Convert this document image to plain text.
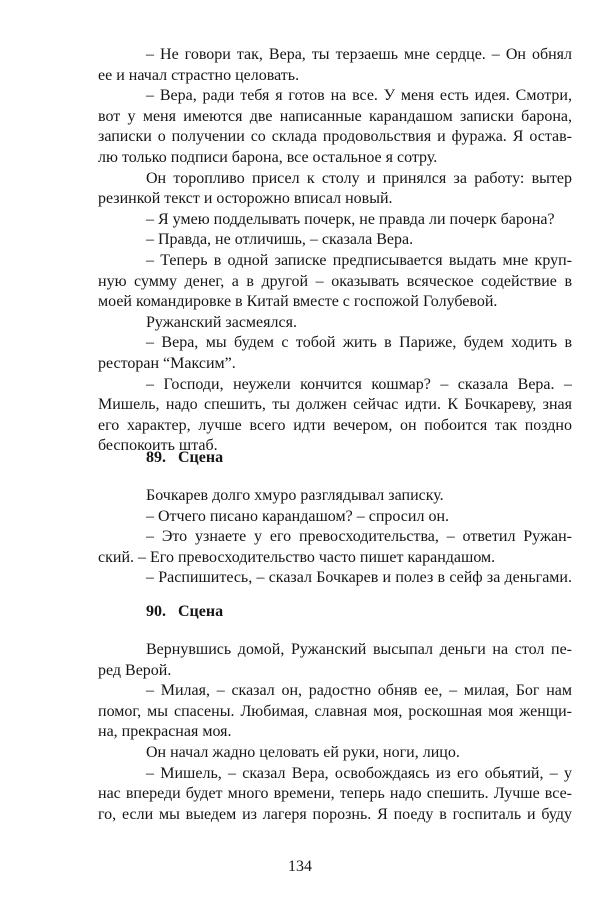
– Не говори так, Вера, ты терзаешь мне сердце. – Он обнял
ее и начал страстно целовать.
– Вера, ради тебя я готов на все. У меня есть идея. Смотри,
вот у меня имеются две написанные карандашом записки барона,
записки о получении со склада продовольствия и фуража. Я остав-
лю только подписи барона, все остальное я сотру.
Он торопливо присел к столу и принялся за работу: вытер
резинкой текст и осторожно вписал новый.
– Я умею подделывать почерк, не правда ли почерк барона?
– Правда, не отличишь, – сказала Вера.
– Теперь в одной записке предписывается выдать мне круп-
ную сумму денег, а в другой – оказывать всяческое содействие в
моей командировке в Китай вместе с госпожой Голубевой.
Ружанский засмеялся.
– Вера, мы будем с тобой жить в Париже, будем ходить в
ресторан “Максим”.
– Господи, неужели кончится кошмар? – сказала Вера. –
Мишель, надо спешить, ты должен сейчас идти. К Бочкареву, зная
его характер, лучше всего идти вечером, он побоится так поздно
беспокоить штаб.
89.   Сцена
Бочкарев долго хмуро разглядывал записку.
– Отчего писано карандашом? – спросил он.
– Это узнаете у его превосходительства, – ответил Ружан-
ский. – Его превосходительство часто пишет карандашом.
– Распишитесь, – сказал Бочкарев и полез в сейф за деньгами.
90.   Сцена
Вернувшись домой, Ружанский высыпал деньги на стол пе-
ред Верой.
– Милая, – сказал он, радостно обняв ее, – милая, Бог нам
помог, мы спасены. Любимая, славная моя, роскошная моя женщи-
на, прекрасная моя.
Он начал жадно целовать ей руки, ноги, лицо.
– Мишель, – сказал Вера, освобождаясь из его обьятий, – у
нас впереди будет много времени, теперь надо спешить. Лучше все-
го, если мы выедем из лагеря порознь. Я поеду в госпиталь и буду
134
